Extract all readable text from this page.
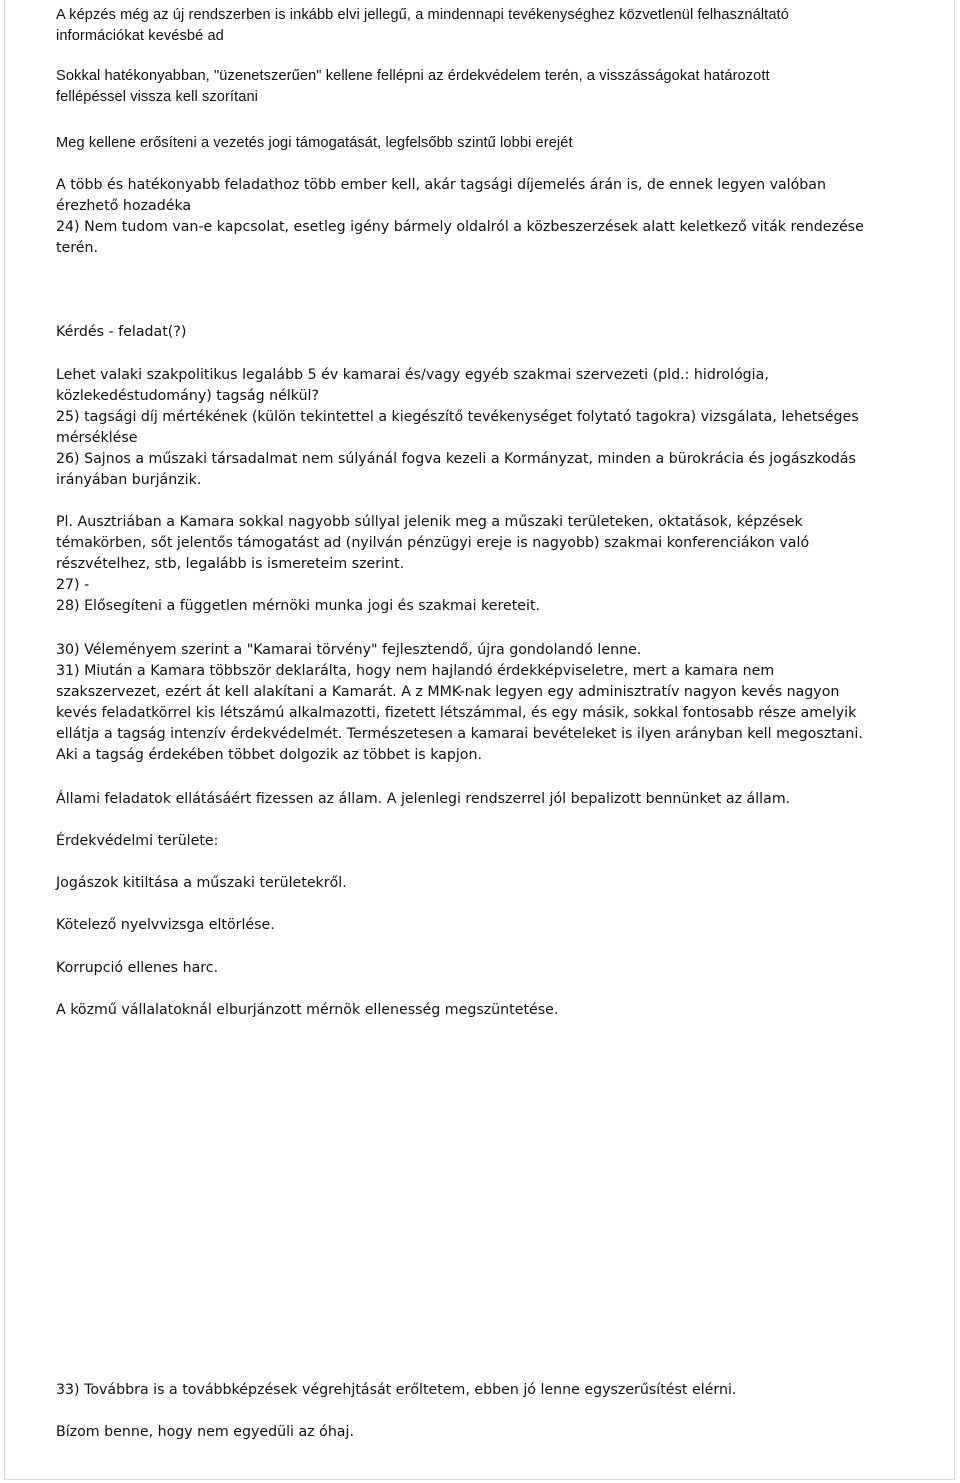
A képzés még az új rendszerben is inkább elvi jellegű, a mindennapi tevékenységhez közvetlenül felhasználtató
információkat kevésbé ad

Sokkal hatékonyabban, "üzenetszerűen" kellene fellépni az érdekvédelem terén, a visszásságokat határozott
fellépéssel vissza kell szorítani

Meg kellene erősíteni a vezetés jogi támogatását, legfelsőbb szintű lobbi erejét

A több és hatékonyabb feladathoz több ember kell, akár tagsági díjemelés árán is, de ennek legyen valóban
érezhető hozadéka
24) Nem tudom van-e kapcsolat, esetleg igény bármely oldalról a közbeszerzések alatt keletkező viták rendezése
terén.

Kérdés - feladat(?)

Lehet valaki szakpolitikus legalább 5 év kamarai és/vagy egyéb szakmai szervezeti (pld.: hidrológia,
közlekedéstudomány) tagság nélkül?
25) tagsági díj mértékének (külön tekintettel a kiegészítő tevékenységet folytató tagokra) vizsgálata, lehetséges
mérséklése
26) Sajnos a műszaki társadalmat nem súlyánál fogva kezeli a Kormányzat, minden a bürokrácia és jogászkodás
irányában burjánzik.

Pl. Ausztriában a Kamara sokkal nagyobb súllyal jelenik meg a műszaki területeken, oktatások, képzések
témakörben, sőt jelentős támogatást ad (nyilván pénzügyi ereje is nagyobb) szakmai konferenciákon való
részvételhez, stb, legalább is ismereteim szerint.
27) -
28) Elősegíteni a független mérnöki munka jogi és szakmai kereteit.

30) Véleményem szerint a "Kamarai törvény" fejlesztendő, újra gondolandó lenne.
31) Miután a Kamara többször deklarálta, hogy nem hajlandó érdekképviseletre, mert a kamara nem
szakszervezet, ezért át kell alakítani a Kamarát. A z MMK-nak legyen egy adminisztratív nagyon kevés nagyon
kevés feladatkörrel kis létszámú alkalmazotti, fizetett létszámmal, és egy másik, sokkal fontosabb része amelyik
ellátja a tagság intenzív érdekvédelmét. Természetesen a kamarai bevételeket is ilyen arányban kell megosztani.
Aki a tagság érdekében többet dolgozik az többet is kapjon.

Állami feladatok ellátásáért fizessen az állam. A jelenlegi rendszerrel jól bepalizott bennünket az állam.

Érdekvédelmi területe:

Jogászok kitiltása a műszaki területekről.

Kötelező nyelvvizsga eltörlése.

Korrupció ellenes harc.

A közmű vállalatoknál elburjánzott mérnök ellenesség megszüntetése.

33) Továbbra is a továbbképzések végrehjtását erőltetem, ebben jó lenne egyszerűsítést elérni.

Bízom benne, hogy nem egyedüli az óhaj.
